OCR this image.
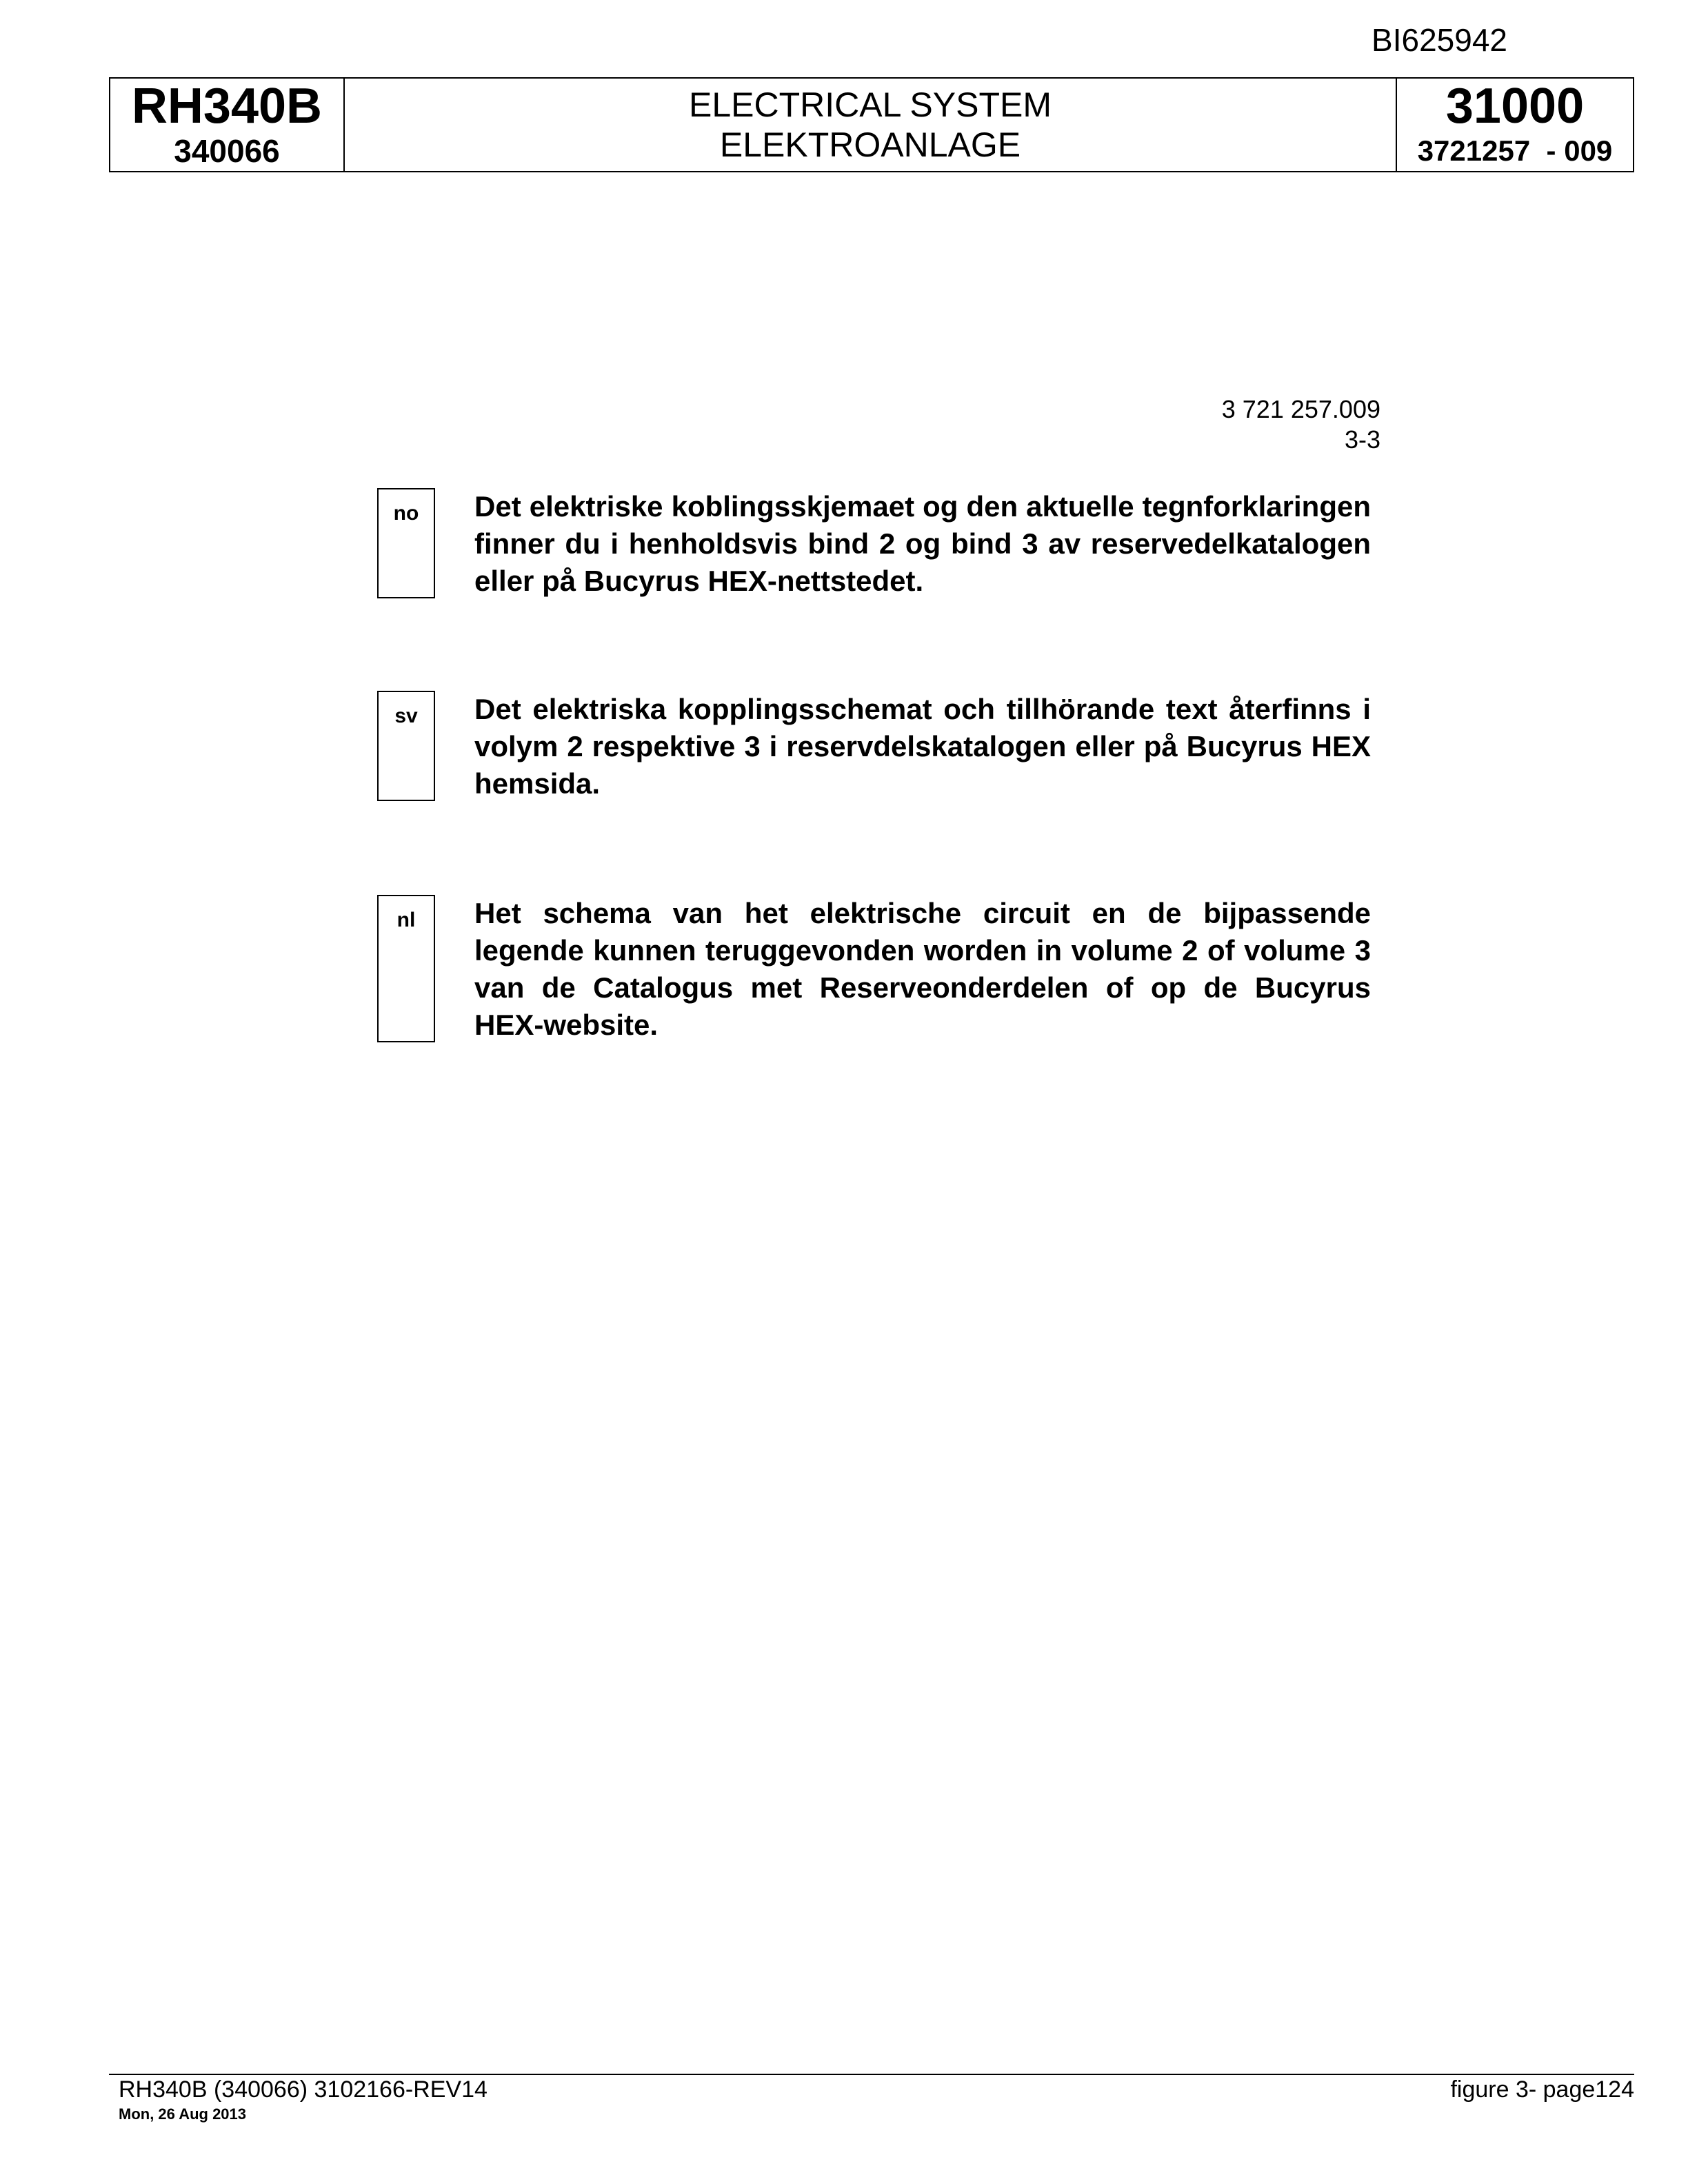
BI625942
RH340B
340066
ELECTRICAL SYSTEM
ELEKTROANLAGE
31000
3721257  - 009
3 721 257.009
3-3
no	Det elektriske koblingsskjemaet og den aktuelle tegnforklaringen finner du i henholdsvis bind 2 og bind 3 av reservedelkatalogen eller på Bucyrus HEX-nettstedet.
sv	Det elektriska kopplingsschemat och tillhörande text återfinns i volym 2 respektive 3 i reservdelskatalogen eller på Bucyrus HEX hemsida.
nl	Het schema van het elektrische circuit en de bijpassende legende kunnen teruggevonden worden in volume 2 of volume 3 van de Catalogus met Reserveonderdelen of op de Bucyrus HEX-website.
RH340B (340066) 3102166-REV14
Mon, 26 Aug 2013
figure 3- page124
